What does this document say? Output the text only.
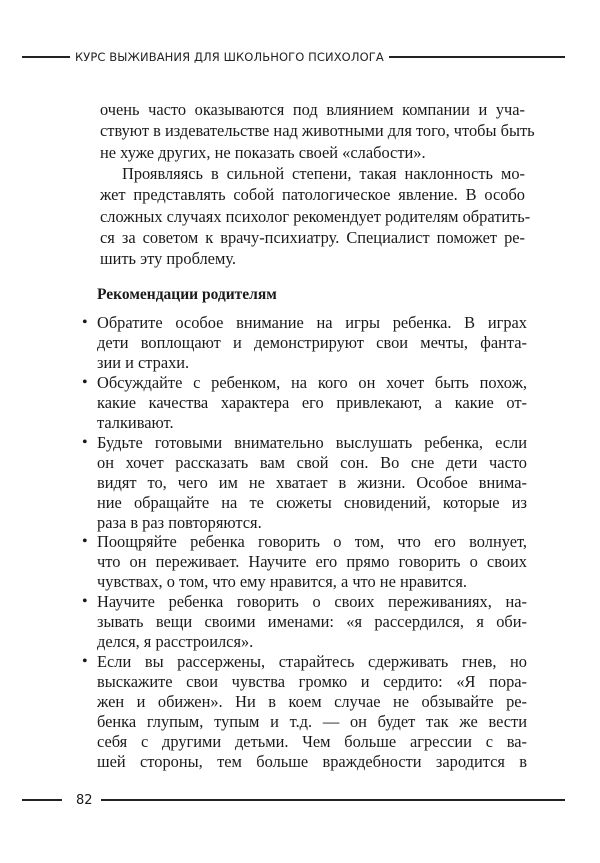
КУРС ВЫЖИВАНИЯ ДЛЯ ШКОЛЬНОГО ПСИХОЛОГА
очень часто оказываются под влиянием компании и уча-
ствуют в издевательстве над животными для того, чтобы быть
не хуже других, не показать своей «слабости».
Проявляясь в сильной степени, такая наклонность мо-
жет представлять собой патологическое явление. В особо
сложных случаях психолог рекомендует родителям обратить-
ся за советом к врачу-психиатру. Специалист поможет ре-
шить эту проблему.
• Обратите особое внимание на игры ребенка. В играх
дети воплощают и демонстрируют свои мечты, фанта-
зии и страхи.
• Обсуждайте с ребенком, на кого он хочет быть похож,
какие качества характера его привлекают, а какие от-
талкивают.
• Будьте готовыми внимательно выслушать ребенка, если
он хочет рассказать вам свой сон. Во сне дети часто
видят то, чего им не хватает в жизни. Особое внима-
ние обращайте на те сюжеты сновидений, которые из
раза в раз повторяются.
• Поощряйте ребенка говорить о том, что его волнует,
что он переживает. Научите его прямо говорить о своих
чувствах, о том, что ему нравится, а что не нравится.
• Научите ребенка говорить о своих переживаниях, на-
зывать вещи своими именами: «я рассердился, я оби-
делся, я расстроился».
• Если вы рассержены, старайтесь сдерживать гнев, но
выскажите свои чувства громко и сердито: «Я пора-
жен и обижен». Ни в коем случае не обзывайте ре-
бенка глупым, тупым и т.д. — он будет так же вести
себя с другими детьми. Чем больше агрессии с ва-
шей стороны, тем больше враждебности зародится в
Рекомендации родителям
82
